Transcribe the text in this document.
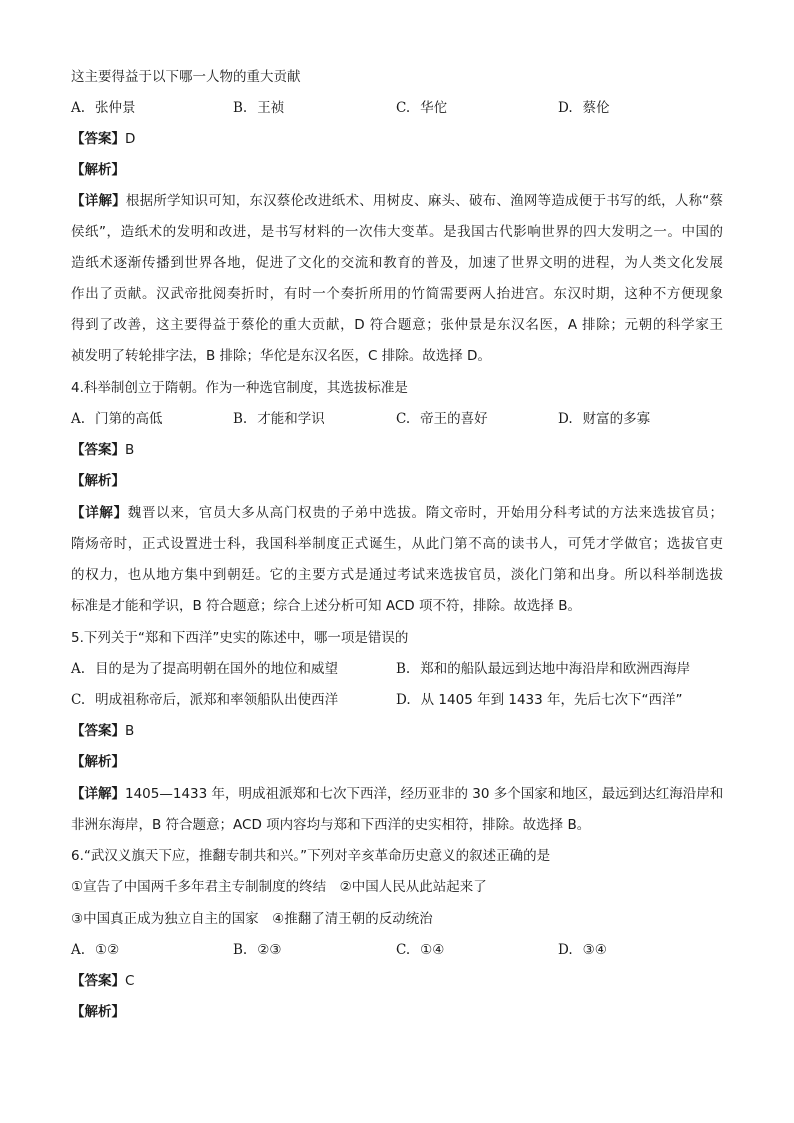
这主要得益于以下哪一人物的重大贡献
A. 张仲景	B. 王祯	C. 华佗	D. 蔡伦
【答案】D
【解析】
【详解】根据所学知识可知，东汉蔡伦改进纸术、用树皮、麻头、破布、渔网等造成便于书写的纸，人称“蔡
侯纸”，造纸术的发明和改进，是书写材料的一次伟大变革。是我国古代影响世界的四大发明之一。中国的
造纸术逐渐传播到世界各地，促进了文化的交流和教育的普及，加速了世界文明的进程，为人类文化发展
作出了贡献。汉武帝批阅奏折时，有时一个奏折所用的竹简需要两人抬进宫。东汉时期，这种不方便现象
得到了改善，这主要得益于蔡伦的重大贡献，D 符合题意；张仲景是东汉名医，A 排除；元朝的科学家王
祯发明了转轮排字法，B 排除；华佗是东汉名医，C 排除。故选择 D。
4.科举制创立于隋朝。作为一种选官制度，其选拔标准是
A. 门第的高低	B. 才能和学识	C. 帝王的喜好	D. 财富的多寡
【答案】B
【解析】
【详解】魏晋以来，官员大多从高门权贵的子弟中选拔。隋文帝时，开始用分科考试的方法来选拔官员；
隋炀帝时，正式设置进士科，我国科举制度正式诞生，从此门第不高的读书人，可凭才学做官；选拔官吏
的权力，也从地方集中到朝廷。它的主要方式是通过考试来选拔官员，淡化门第和出身。所以科举制选拔
标准是才能和学识，B 符合题意；综合上述分析可知 ACD 项不符，排除。故选择 B。
5.下列关于“郑和下西洋”史实的陈述中，哪一项是错误的
A. 目的是为了提高明朝在国外的地位和威望	B. 郑和的船队最远到达地中海沿岸和欧洲西海岸
C. 明成祖称帝后，派郑和率领船队出使西洋	D. 从 1405 年到 1433 年，先后七次下“西洋”
【答案】B
【解析】
【详解】1405—1433 年，明成祖派郑和七次下西洋，经历亚非的 30 多个国家和地区，最远到达红海沿岸和
非洲东海岸，B 符合题意；ACD 项内容均与郑和下西洋的史实相符，排除。故选择 B。
6.“武汉义旗天下应，推翻专制共和兴。”下列对辛亥革命历史意义的叙述正确的是
①宣告了中国两千多年君主专制制度的终结　②中国人民从此站起来了
③中国真正成为独立自主的国家　④推翻了清王朝的反动统治
A. ①②	B. ②③	C. ①④	D. ③④
【答案】C
【解析】
